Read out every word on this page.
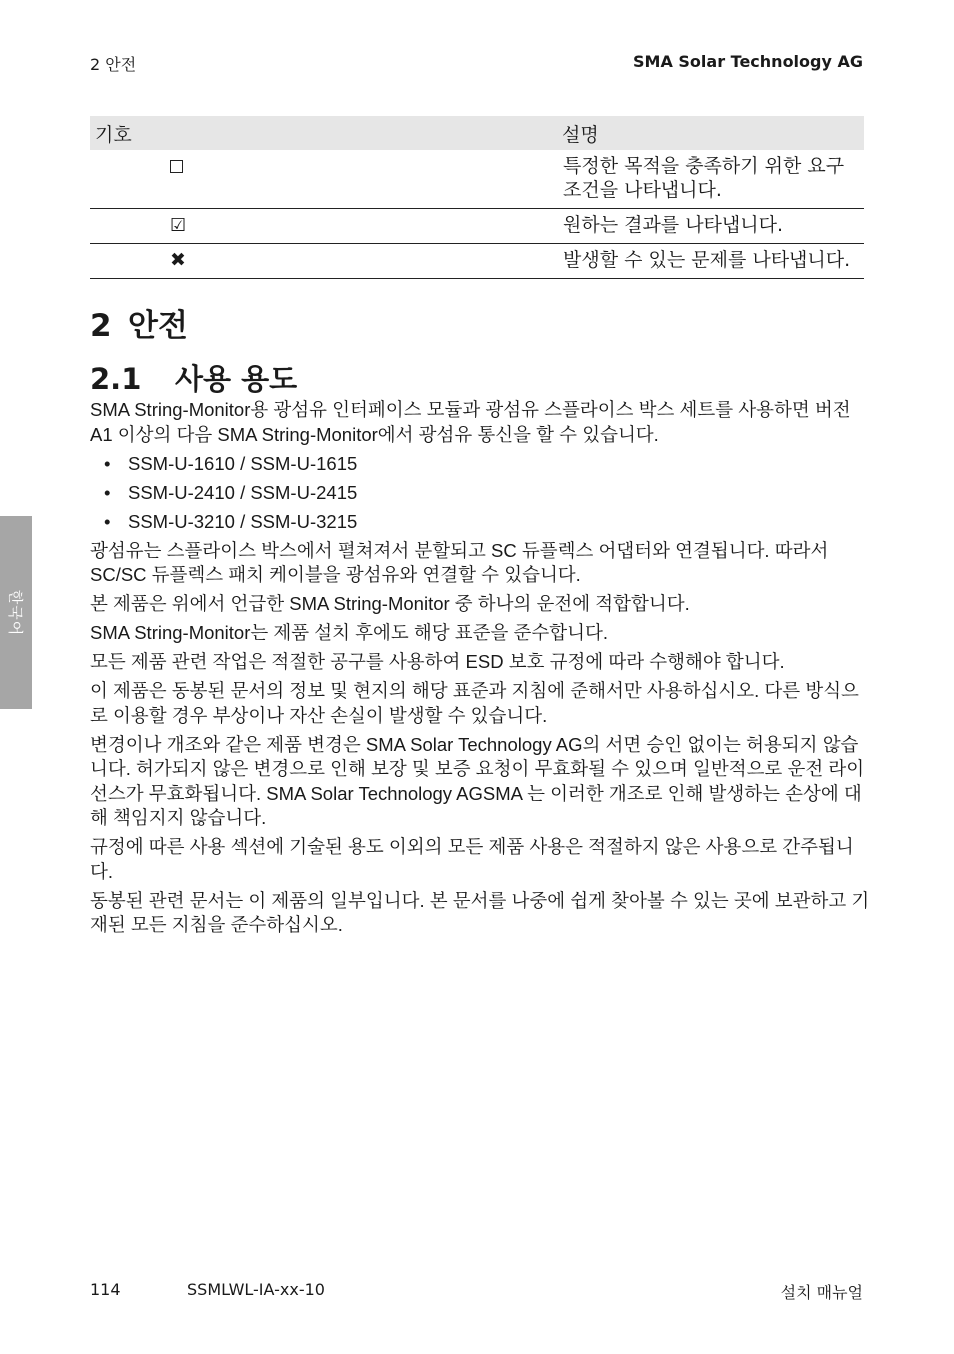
2 안전	SMA Solar Technology AG
한국어
기호	설명
	특정한 목적을 충족하기 위한 요구조건을 나타냅니다.
☑	원하는 결과를 나타냅니다.
✖	발생할 수 있는 문제를 나타냅니다.
2 안전
2.1 사용 용도

SMA String-Monitor용 광섬유 인터페이스 모듈과 광섬유 스플라이스 박스 세트를 사용하면 버전 A1 이상의 다음 SMA String-Monitor에서 광섬유 통신을 할 수 있습니다.

• SSM-U-1610 / SSM-U-1615
• SSM-U-2410 / SSM-U-2415
• SSM-U-3210 / SSM-U-3215

광섬유는 스플라이스 박스에서 펼쳐져서 분할되고 SC 듀플렉스 어댑터와 연결됩니다. 따라서 SC/SC 듀플렉스 패치 케이블을 광섬유와 연결할 수 있습니다.

본 제품은 위에서 언급한 SMA String-Monitor 중 하나의 운전에 적합합니다.

SMA String-Monitor는 제품 설치 후에도 해당 표준을 준수합니다.

모든 제품 관련 작업은 적절한 공구를 사용하여 ESD 보호 규정에 따라 수행해야 합니다.

이 제품은 동봉된 문서의 정보 및 현지의 해당 표준과 지침에 준해서만 사용하십시오. 다른 방식으로 이용할 경우 부상이나 자산 손실이 발생할 수 있습니다.

변경이나 개조와 같은 제품 변경은 SMA Solar Technology AG의 서면 승인 없이는 허용되지 않습니다. 허가되지 않은 변경으로 인해 보장 및 보증 요청이 무효화될 수 있으며 일반적으로 운전 라이선스가 무효화됩니다. SMA Solar Technology AGSMA 는 이러한 개조로 인해 발생하는 손상에 대해 책임지지 않습니다.

규정에 따른 사용 섹션에 기술된 용도 이외의 모든 제품 사용은 적절하지 않은 사용으로 간주됩니다.

동봉된 관련 문서는 이 제품의 일부입니다. 본 문서를 나중에 쉽게 찾아볼 수 있는 곳에 보관하고 기재된 모든 지침을 준수하십시오.

114	SSMLWL-IA-xx-10	설치 매뉴얼
